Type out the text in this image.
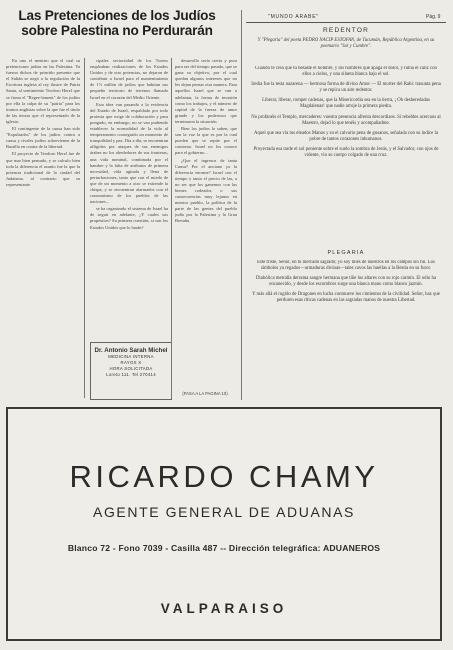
Las Pretenciones de los Judíos sobre Palestina no Perdurarán

En uno el mentiro que el cual su pretenciones judias en las Palestina. Ya fueron dichos de princiño presente que el Sultán se negó a la regulación de la Escritura inglesa al rey ilustre de Patria Santa, al sentimiento Teodoro Herzl que se firma el "Regee-lament" de los judíos por ella la culpa de su "patria" para los tiranos anglistas sobre la que fue el titulo de las tierras que el representado de la iglesia.

El contingente de la causa han sido "Expulsados" de los judíos contra a causa y rivales judíos sobrevienen de la Bastilla en contra de la libertad.

El proyecto de Teodoro Herzl fue de que mar bien pensado, y se calculo bien toda la diferencia el asunto fue la que la potencia tradicional de la ciudad del Judaismo. al contrario que su representante.

cipales sectorsidad de los Tureos empleaban realizaciones de los Estados Unidos y de otro potencias, no dejaron de contribuir a Israel para el mantenimiento de 1½ millón de judíos que habitan sus pequeño territorio de terrenos llamado Israel en el corazón del Medio Oriente.

Esta idea van pasando a la evidencia del Estado de Israel, respaldado por todo protesta que exige de colaboración y para pongado, en embargo, no se van pudiendo establecer la normalidad de la vida al temperamento conseguido un momento de tranquilidad y paz. Dia a día, se encuentran afligidos por ataques de sus enemigos árabes no los alrededores de sus fronteras, una vida nominal, combinada por el hambre y la falta de atributos de primera necesidad, vida agitada y llena de perturbaciones, tanto que con el miedo de que de un momento a otro se extiende la chispa, y se encuentran alarmados con el consumismo de los pueblos de las naciones...

se ha organizado el sistema de Israel ha de seguir en adelante, ¿Y cuales sus propósitos? Su primera cuestión, si son los Estados Unidos que lo harán?

Dr. Antonio Sarah Michel
MEDICINA INTERNA
RAYOS X
HORA SOLICITADA
Loreto 111. Tel 270414

desarrollo sería cierta y pura para ser del tiempo pasado, que se gana su objetivo, por el cual quedan algunos intereses que no les dejan pensar otra manera. Para aquellos Israel que se van a adelantar, la forma de invasión como los trabajos, y el número de capital de la fuerza de amor grande y los poderosos que terminaron la situación.

Bien los judíos lo saben, que son la voz la que es por la cual pueden que se repite por el contorno. Israel no los conoce para el gobierno...

¿Que el ingresos de tanta Causa? Por el anciano ya la diferencia enorme? Israel con el tiempo y tanto el precio de las, a no ser que los ganemos con las bienes rodeados o sus consecuencias muy lejanos en nuestro pueblo, la política de la parte de las gentes del pueblo judío por la Palestina y la Gran Bretaña.

(PASA A LA PAGINA 10)
"MUNDO ARABE"	Pág. 9
REDENTOR
Y "Plegaria" del poeta PEDRO NACIP ESTOFAN, de Tucumán, República Argentina, en su poemario "Sol y Cumbre".

Cuando te crea que tu besaste el hombre, y los hombres que apaga el dolor, y rubia el cáliz con ellos a cielos, y una silueta blanca bajo el sol.

Iredia fue la testa nazarena — hermosa forma de divino Amor — El morter del Rabi: trasunta pena y se repica un aire redentor.

Liberar, liberar, romper cadenas, que la Misericordia sea en la tierra, ¡ Oh desheredadas Magdalenas! que nadie arroje la primera piedra.

No profanéis el Templo, mercaderes: vuestra presencia afrenta descordiaos. Si rebeldes acercaos al Maestro, dejad lo que tenéis y acompañadme.

Aquel que sea vía tus eleados Manos y su el calvario pena de gusanos, señalada con su índice la pobre de tantos corazones inhumanos.

Proyectada esa tarde el sol poniente sobre el suelo la sombra de Jesús, y el Salvador, con ojos de vidente, vio su cuerpo colgado de una cruz.

PLEGARIA

Este triste, Señor, en tu mercado sagrado; yo soy mies de nuestros en los campos sin fin. Los símbolos ya regados—armaduras divinas—tales cavos las huellas a la Bestia en su furor.

Diabólica metralla derrama sangre hermana que tíñe los altares con su rojo carmín. El odio ha encanecido, y desde los escombros surge una blanca mano como blanco jazmín.

Y más allá el rugido de Dragones en lucha conmueve los cimientos de la civilidad. Señor, haz que perduren esas ríticas cadenas en las sagradas manos de nuestra Libertad.

RICARDO CHAMY
AGENTE GENERAL DE ADUANAS
Blanco 72 - Fono 7039 - Casilla 487 -- Dirección telegráfica: ADUANEROS
VALPARAISO
